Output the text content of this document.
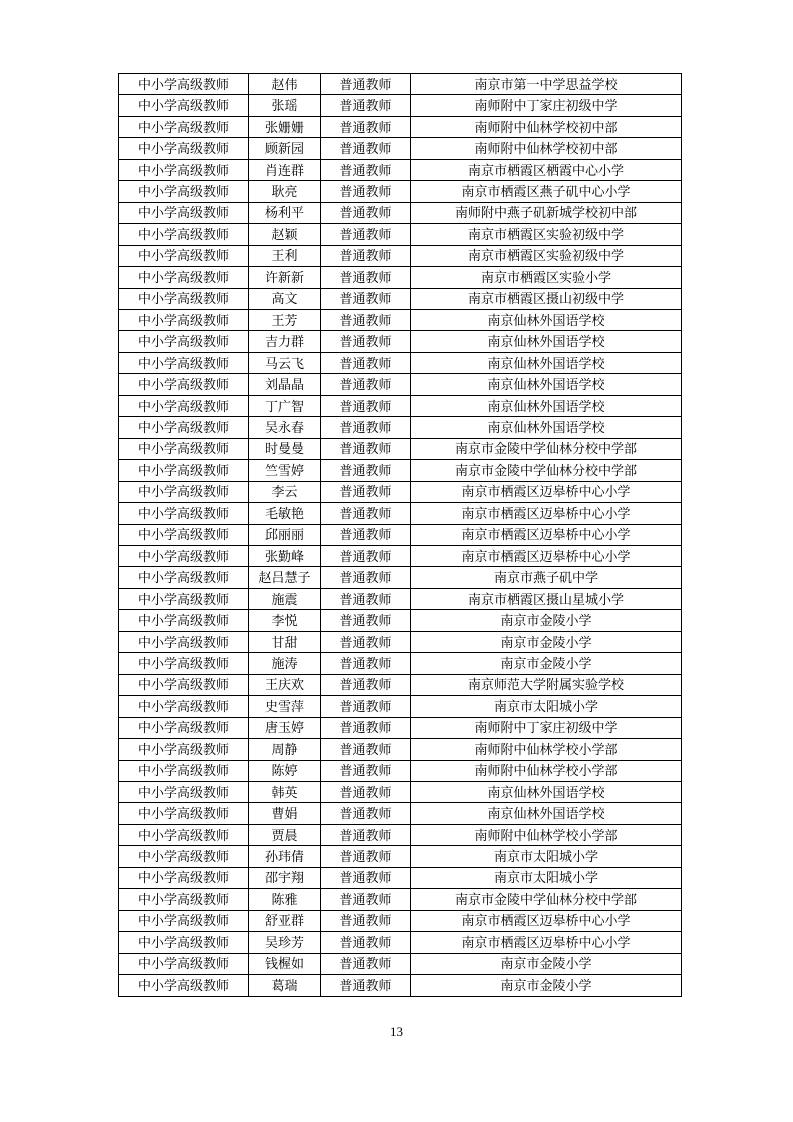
中小学高级教师	赵伟	普通教师	南京市第一中学思益学校
中小学高级教师	张瑶	普通教师	南师附中丁家庄初级中学
中小学高级教师	张姗姗	普通教师	南师附中仙林学校初中部
中小学高级教师	顾新园	普通教师	南师附中仙林学校初中部
中小学高级教师	肖连群	普通教师	南京市栖霞区栖霞中心小学
中小学高级教师	耿亮	普通教师	南京市栖霞区燕子矶中心小学
中小学高级教师	杨利平	普通教师	南师附中燕子矶新城学校初中部
中小学高级教师	赵颖	普通教师	南京市栖霞区实验初级中学
中小学高级教师	王利	普通教师	南京市栖霞区实验初级中学
中小学高级教师	许新新	普通教师	南京市栖霞区实验小学
中小学高级教师	高文	普通教师	南京市栖霞区摄山初级中学
中小学高级教师	王芳	普通教师	南京仙林外国语学校
中小学高级教师	吉力群	普通教师	南京仙林外国语学校
中小学高级教师	马云飞	普通教师	南京仙林外国语学校
中小学高级教师	刘晶晶	普通教师	南京仙林外国语学校
中小学高级教师	丁广智	普通教师	南京仙林外国语学校
中小学高级教师	吴永春	普通教师	南京仙林外国语学校
中小学高级教师	时曼曼	普通教师	南京市金陵中学仙林分校中学部
中小学高级教师	竺雪婷	普通教师	南京市金陵中学仙林分校中学部
中小学高级教师	李云	普通教师	南京市栖霞区迈皋桥中心小学
中小学高级教师	毛敏艳	普通教师	南京市栖霞区迈皋桥中心小学
中小学高级教师	邱丽丽	普通教师	南京市栖霞区迈皋桥中心小学
中小学高级教师	张勤峰	普通教师	南京市栖霞区迈皋桥中心小学
中小学高级教师	赵吕慧子	普通教师	南京市燕子矶中学
中小学高级教师	施震	普通教师	南京市栖霞区摄山星城小学
中小学高级教师	李悦	普通教师	南京市金陵小学
中小学高级教师	甘甜	普通教师	南京市金陵小学
中小学高级教师	施涛	普通教师	南京市金陵小学
中小学高级教师	王庆欢	普通教师	南京师范大学附属实验学校
中小学高级教师	史雪萍	普通教师	南京市太阳城小学
中小学高级教师	唐玉婷	普通教师	南师附中丁家庄初级中学
中小学高级教师	周静	普通教师	南师附中仙林学校小学部
中小学高级教师	陈婷	普通教师	南师附中仙林学校小学部
中小学高级教师	韩英	普通教师	南京仙林外国语学校
中小学高级教师	曹娟	普通教师	南京仙林外国语学校
中小学高级教师	贾晨	普通教师	南师附中仙林学校小学部
中小学高级教师	孙玮倩	普通教师	南京市太阳城小学
中小学高级教师	邵宇翔	普通教师	南京市太阳城小学
中小学高级教师	陈雅	普通教师	南京市金陵中学仙林分校中学部
中小学高级教师	舒亚群	普通教师	南京市栖霞区迈皋桥中心小学
中小学高级教师	吴珍芳	普通教师	南京市栖霞区迈皋桥中心小学
中小学高级教师	钱楃如	普通教师	南京市金陵小学
中小学高级教师	葛瑞	普通教师	南京市金陵小学
13
